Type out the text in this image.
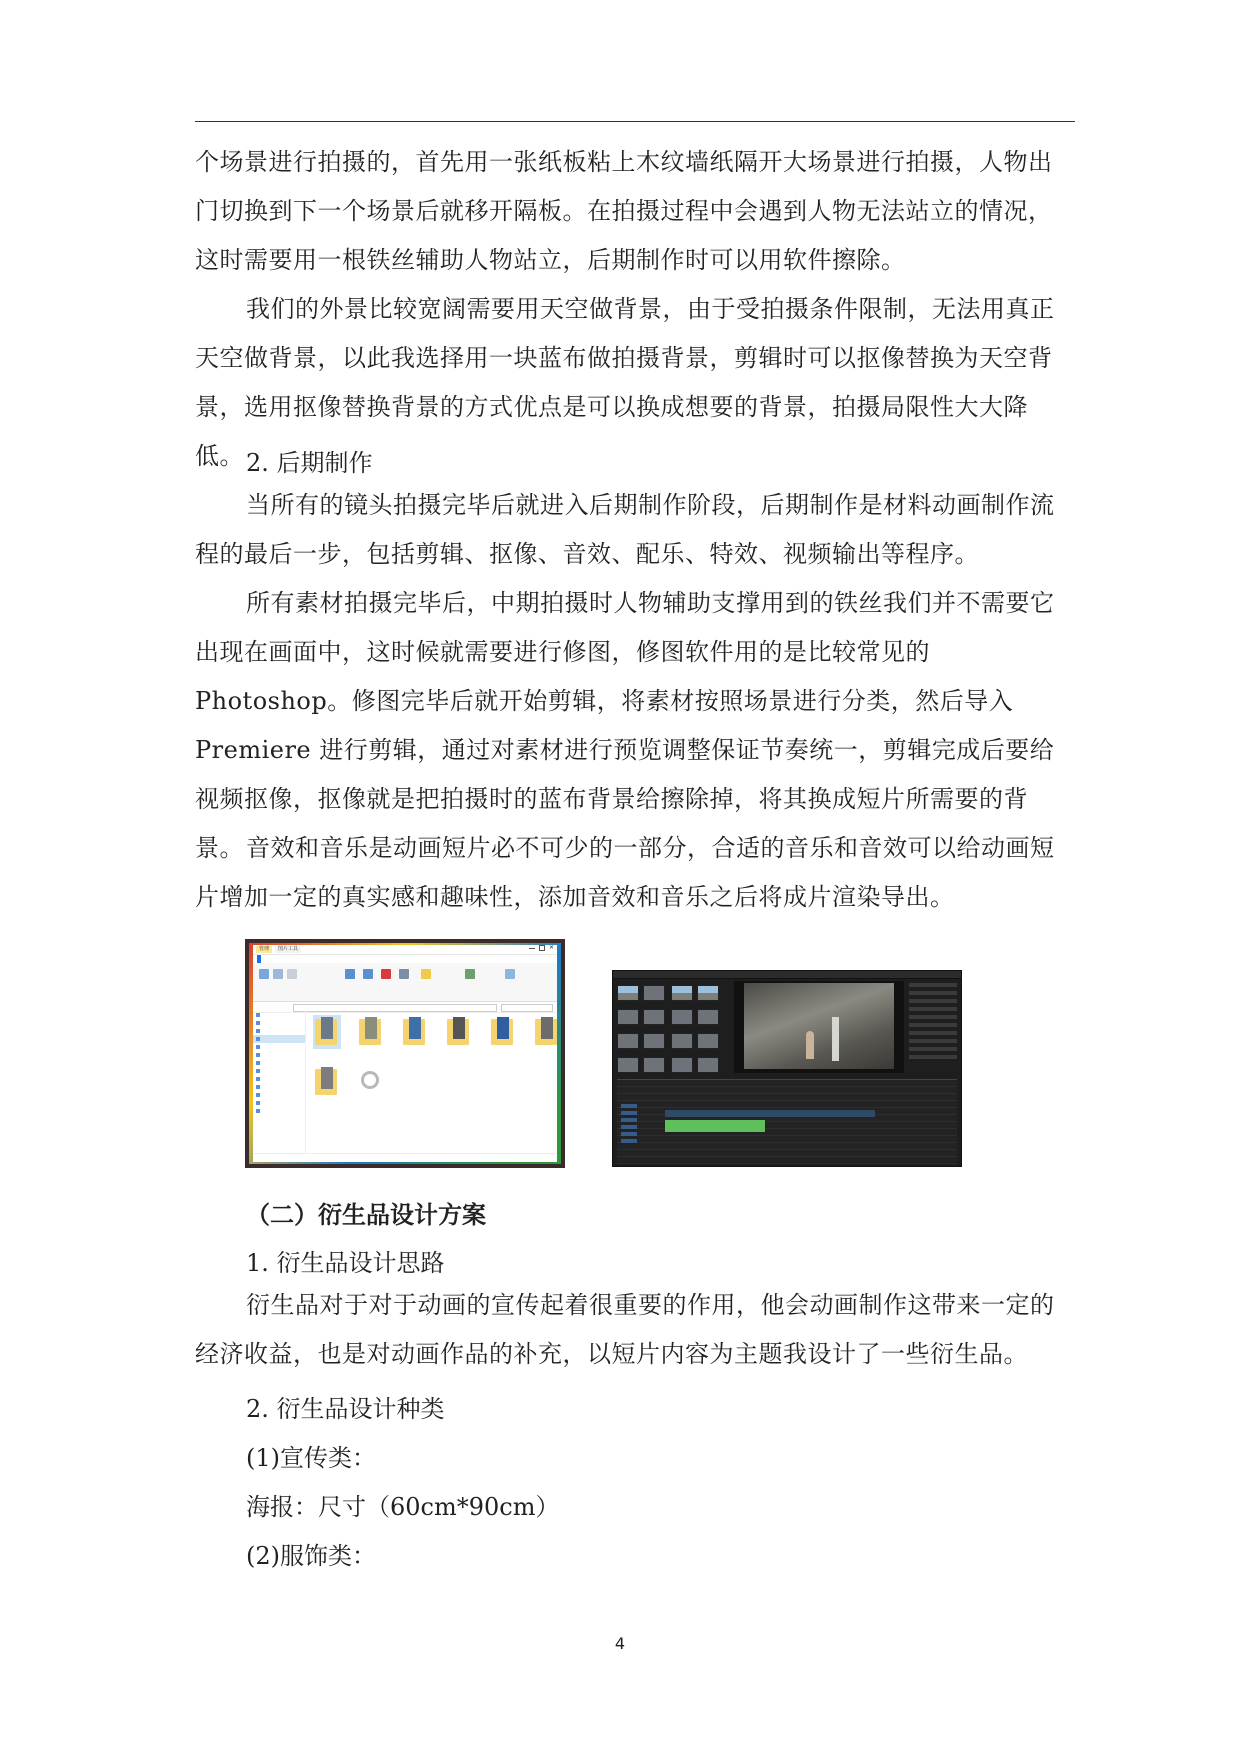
个场景进行拍摄的，首先用一张纸板粘上木纹墙纸隔开大场景进行拍摄，人物出门切换到下一个场景后就移开隔板。在拍摄过程中会遇到人物无法站立的情况，这时需要用一根铁丝辅助人物站立，后期制作时可以用软件擦除。

我们的外景比较宽阔需要用天空做背景，由于受拍摄条件限制，无法用真正天空做背景，以此我选择用一块蓝布做拍摄背景，剪辑时可以抠像替换为天空背景，选用抠像替换背景的方式优点是可以换成想要的背景，拍摄局限性大大降低。 2. 后期制作

当所有的镜头拍摄完毕后就进入后期制作阶段，后期制作是材料动画制作流程的最后一步，包括剪辑、抠像、音效、配乐、特效、视频输出等程序。

所有素材拍摄完毕后，中期拍摄时人物辅助支撑用到的铁丝我们并不需要它出现在画面中，这时候就需要进行修图，修图软件用的是比较常见的 Photoshop。修图完毕后就开始剪辑，将素材按照场景进行分类，然后导入 Premiere 进行剪辑，通过对素材进行预览调整保证节奏统一，剪辑完成后要给视频抠像，抠像就是把拍摄时的蓝布背景给擦除掉，将其换成短片所需要的背景。 音效和音乐是动画短片必不可少的一部分，合适的音乐和音效可以给动画短片增加一定的真实感和趣味性，添加音效和音乐之后将成片渲染导出。

管理	图片工具	✕

（二）衍生品设计方案

1. 衍生品设计思路

衍生品对于对于动画的宣传起着很重要的作用，他会动画制作这带来一定的经济收益，也是对动画作品的补充，以短片内容为主题我设计了一些衍生品。

2. 衍生品设计种类

(1)宣传类：

海报：尺寸（60cm*90cm）

(2)服饰类：

4
